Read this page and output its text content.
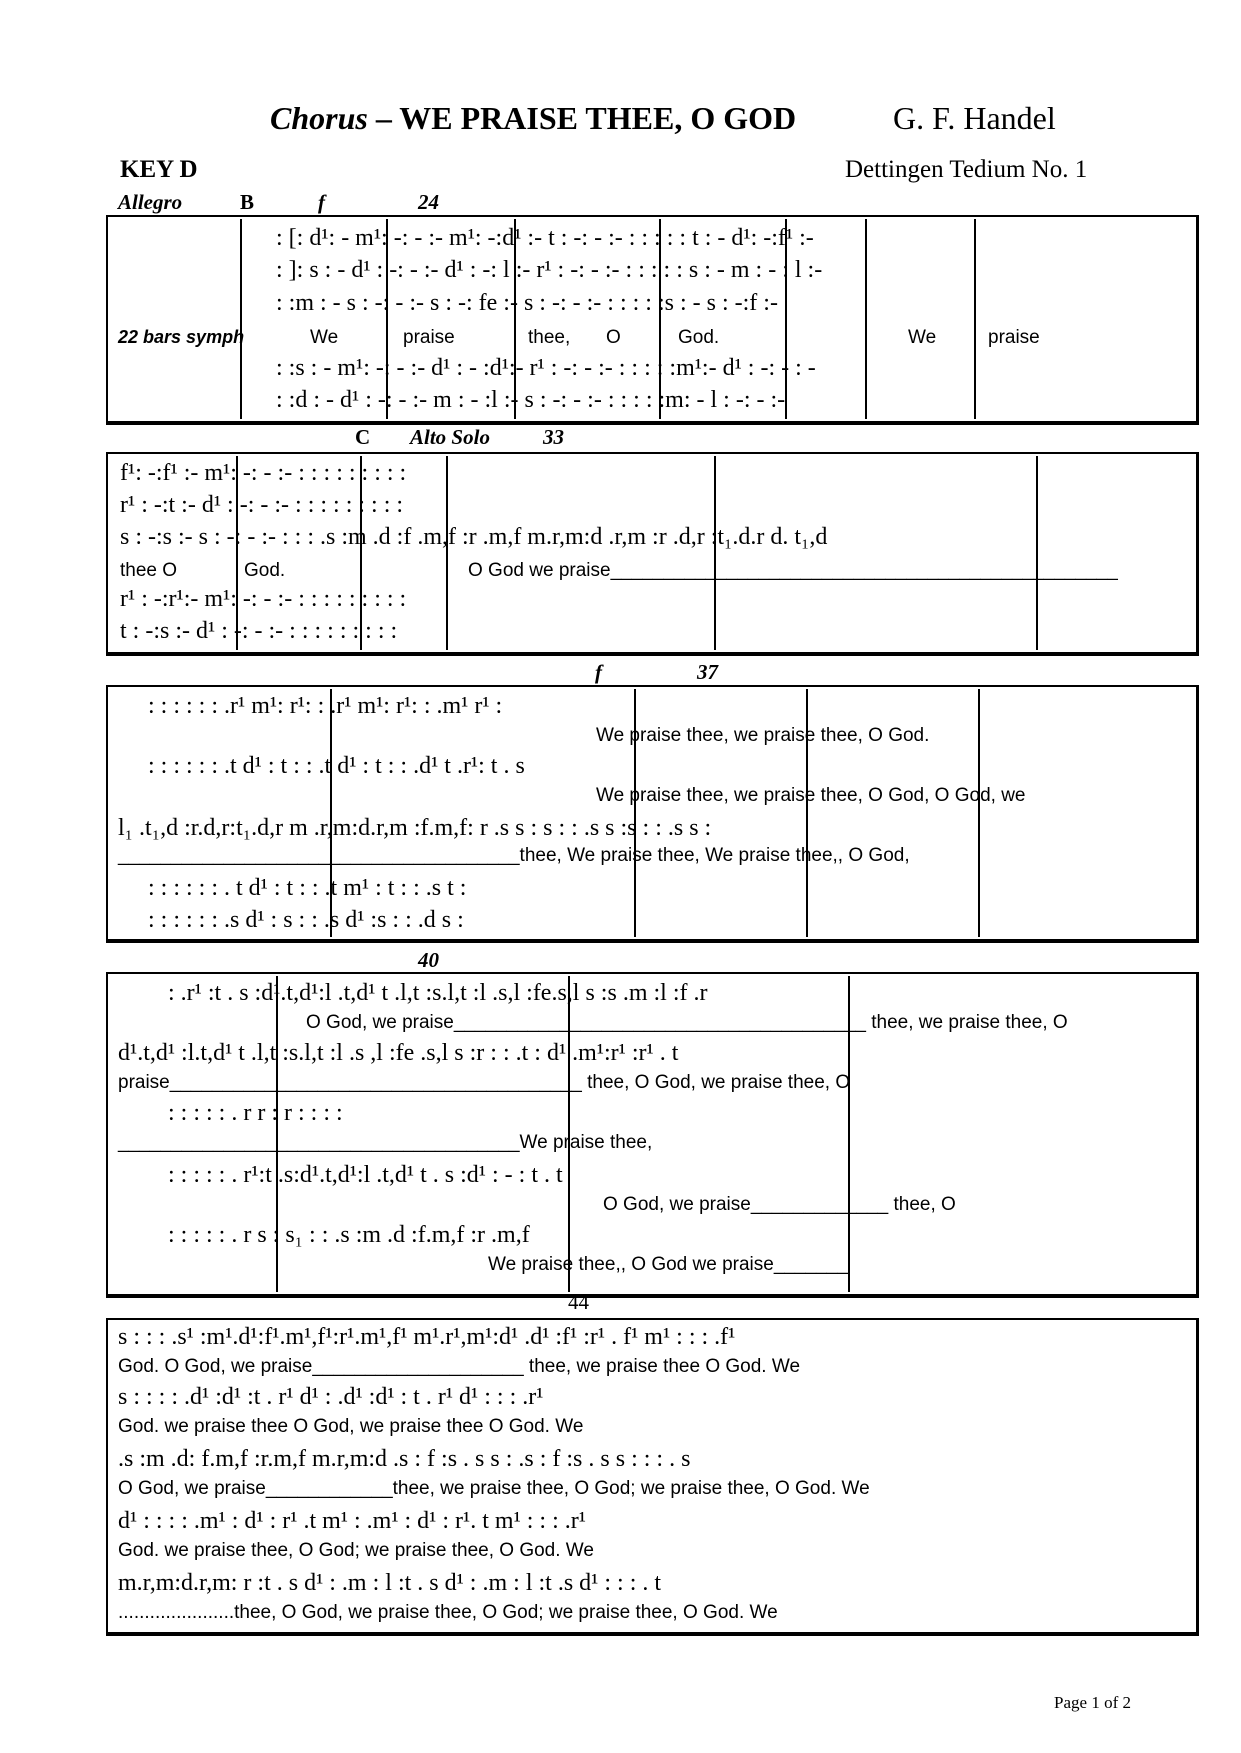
Chorus – WE PRAISE THEE, O GOD	G. F. Handel
KEY D	Dettingen Tedium No. 1
Allegro	B	f	24
22 bars symph
: [: d¹: - m¹: -: - :- m¹: -:d¹ :- t : -: - :- : : : : : t : - d¹: -:f¹ :-
: ]: s : - d¹ : -: - :- d¹ : -: l :- r¹ : -: - :- : : : : : s : - m : - : l :-
: :m : - s : -: - :- s : -: fe :- s : -: - :- : : : : :s : - s : -:f :-
We	praise	thee, O	God.	We	praise
: :s : - m¹: -: - :- d¹ : - :d¹:- r¹ : -: - :- : : : : :m¹:- d¹ : -: - : -
: :d : - d¹ : -: - :- m : - :l :- s : -: - :- : : : : :m: - l : -: - :-
C Alto Solo	33
f¹: -:f¹ :- m¹: -: - :- : : : : : : : : :
r¹ : -:t :- d¹ : -: - :- : : : : : : : : :
s : -:s :- s : -: - :- : : : .s :m .d :f .m,f :r .m,f m.r,m:d .r,m :r .d,r :t₁.d.r d. t₁,d
thee O	God.	O God we praise________________________________________________
r¹ : -:r¹:- m¹: -: - :- : : : : : : : : :
t : -:s :- d¹ : -: - :- : : : : : : : : :
f	37
: : : : : : .r¹ m¹: r¹: : .r¹ m¹: r¹: : .m¹ r¹ :
We praise thee, we praise thee, O God.
: : : : : : .t d¹ : t : : .t d¹ : t : : .d¹ t .r¹: t . s
We praise thee, we praise thee, O God, O God, we
l₁ .t₁,d :r.d,r:t₁.d,r m .r,m:d.r,m :f.m,f: r .s s : s : : .s s :s : : .s s :
______________________________________thee, We praise thee, We praise thee,, O God,
: : : : : : . t d¹ : t : : .t m¹ : t : : .s t :
: : : : : : .s d¹ : s : : .s d¹ :s : : .d s :
40
: .r¹ :t . s :d¹.t,d¹:l .t,d¹ t .l,t :s.l,t :l .s,l :fe.s,l s :s .m :l :f .r
O God, we praise_______________________________________ thee, we praise thee, O
d¹.t,d¹ :l.t,d¹ t .l,t :s.l,t :l .s ,l :fe .s,l s :r : : .t : d¹ .m¹:r¹ :r¹ . t
praise_______________________________________ thee, O God, we praise thee, O
: : : : : . r r : r : : : :
______________________________________We praise thee,
: : : : : . r¹:t .s:d¹.t,d¹:l .t,d¹ t . s :d¹ : - : t . t
O God, we praise_____________ thee, O
: : : : : . r s : s₁ : : .s :m .d :f.m,f :r .m,f
We praise thee,, O God we praise_______
44
s : : : .s¹ :m¹.d¹:f¹.m¹,f¹:r¹.m¹,f¹ m¹.r¹,m¹:d¹ .d¹ :f¹ :r¹ . f¹ m¹ : : : .f¹
God. O God, we praise____________________ thee, we praise thee O God. We
s : : : : .d¹ :d¹ :t . r¹ d¹ : .d¹ :d¹ : t . r¹ d¹ : : : .r¹
God. we praise thee O God, we praise thee O God. We
.s :m .d: f.m,f :r.m,f m.r,m:d .s : f :s . s s : .s : f :s . s s : : : . s
O God, we praise____________thee, we praise thee, O God; we praise thee, O God. We
d¹ : : : : .m¹ : d¹ : r¹ .t m¹ : .m¹ : d¹ : r¹. t m¹ : : : .r¹
God. we praise thee, O God; we praise thee, O God. We
m.r,m:d.r,m: r :t . s d¹ : .m : l :t . s d¹ : .m : l :t .s d¹ : : : . t
......................thee, O God, we praise thee, O God; we praise thee, O God. We
Page 1 of 2
